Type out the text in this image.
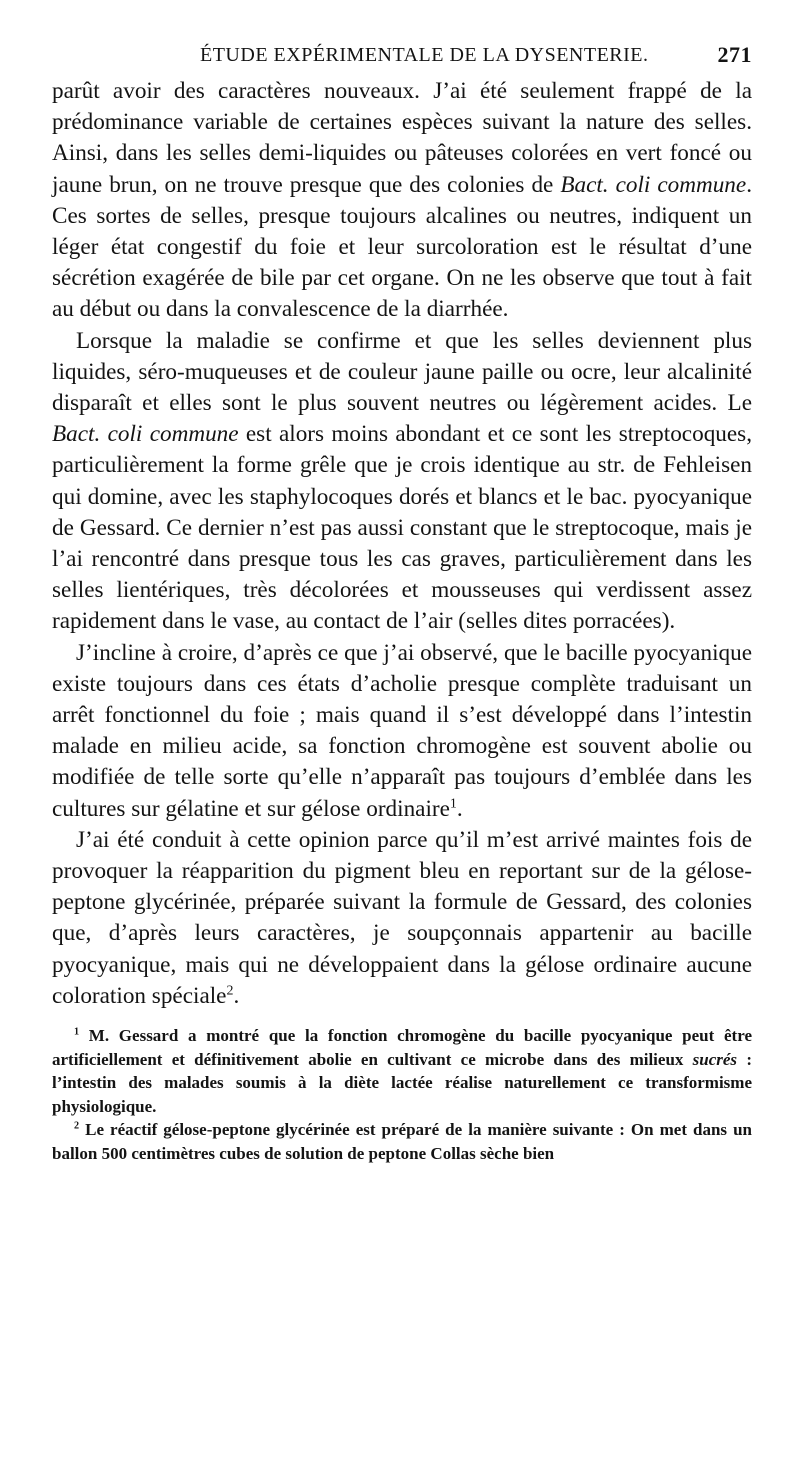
ÉTUDE EXPÉRIMENTALE DE LA DYSENTERIE.	271

parût avoir des caractères nouveaux. J’ai été seulement frappé de la prédominance variable de certaines espèces suivant la nature des selles. Ainsi, dans les selles demi-liquides ou pâteuses colorées en vert foncé ou jaune brun, on ne trouve presque que des colonies de Bact. coli commune. Ces sortes de selles, presque toujours alcalines ou neutres, indiquent un léger état congestif du foie et leur surcoloration est le résultat d’une sécrétion exagérée de bile par cet organe. On ne les observe que tout à fait au début ou dans la convalescence de la diarrhée.

Lorsque la maladie se confirme et que les selles deviennent plus liquides, séro-muqueuses et de couleur jaune paille ou ocre, leur alcalinité disparaît et elles sont le plus souvent neutres ou légèrement acides. Le Bact. coli commune est alors moins abondant et ce sont les streptocoques, particulièrement la forme grêle que je crois identique au str. de Fehleisen qui domine, avec les staphylocoques dorés et blancs et le bac. pyocyanique de Gessard. Ce dernier n’est pas aussi constant que le streptocoque, mais je l’ai rencontré dans presque tous les cas graves, particulièrement dans les selles lientériques, très décolorées et mousseuses qui verdissent assez rapidement dans le vase, au contact de l’air (selles dites porracées).

J’incline à croire, d’après ce que j’ai observé, que le bacille pyocyanique existe toujours dans ces états d’acholie presque complète traduisant un arrêt fonctionnel du foie ; mais quand il s’est développé dans l’intestin malade en milieu acide, sa fonction chromogène est souvent abolie ou modifiée de telle sorte qu’elle n’apparaît pas toujours d’emblée dans les cultures sur gélatine et sur gélose ordinaire$^1$.

J’ai été conduit à cette opinion parce qu’il m’est arrivé maintes fois de provoquer la réapparition du pigment bleu en reportant sur de la gélose-peptone glycérinée, préparée suivant la formule de Gessard, des colonies que, d’après leurs caractères, je soupçonnais appartenir au bacille pyocyanique, mais qui ne développaient dans la gélose ordinaire aucune coloration spéciale$^2$.

$^1$ M. Gessard a montré que la fonction chromogène du bacille pyocyanique peut être artificiellement et définitivement abolie en cultivant ce microbe dans des milieux sucrés : l’intestin des malades soumis à la diète lactée réalise naturellement ce transformisme physiologique.

$^2$ Le réactif gélose-peptone glycérinée est préparé de la manière suivante : On met dans un ballon 500 centimètres cubes de solution de peptone Collas sèche bien
